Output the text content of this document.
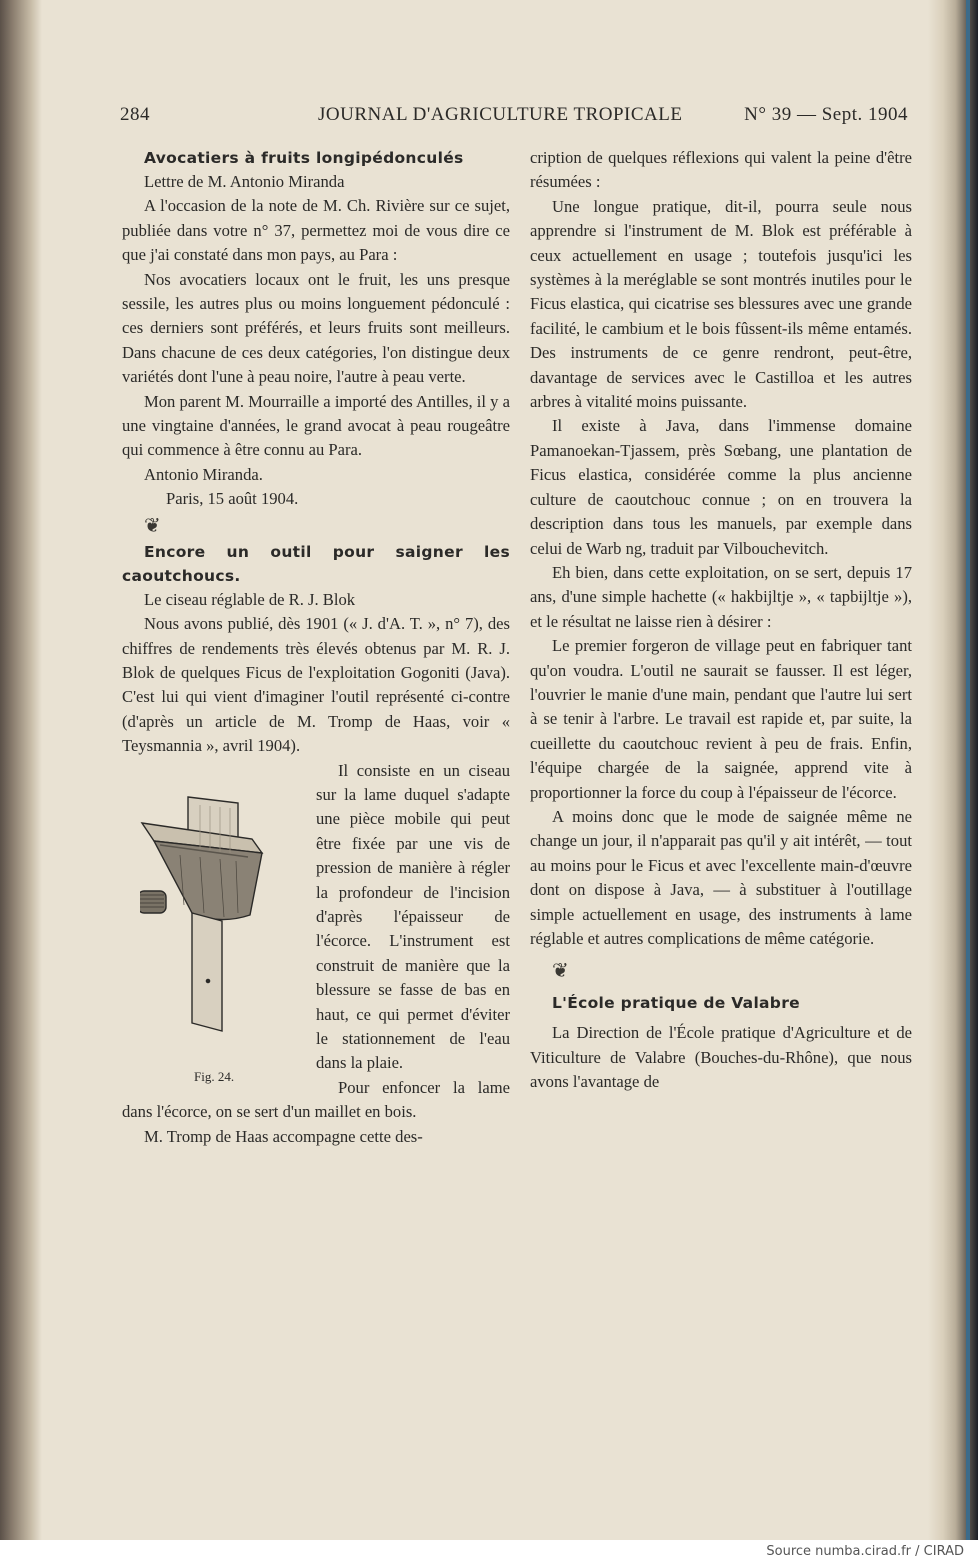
284	JOURNAL D'AGRICULTURE TROPICALE	N° 39 — Sept. 1904

Avocatiers à fruits longipédonculés

Lettre de M. Antonio Miranda

A l'occasion de la note de M. Ch. Rivière sur ce sujet, publiée dans votre n° 37, permettez moi de vous dire ce que j'ai constaté dans mon pays, au Para :

Nos avocatiers locaux ont le fruit, les uns presque sessile, les autres plus ou moins longuement pédonculé : ces derniers sont préférés, et leurs fruits sont meilleurs. Dans chacune de ces deux catégories, l'on distingue deux variétés dont l'une à peau noire, l'autre à peau verte.

Mon parent M. Mourraille a importé des Antilles, il y a une vingtaine d'années, le grand avocat à peau rougeâtre qui commence à être connu au Para.

Antonio Miranda.

Paris, 15 août 1904.

❦

Encore un outil pour saigner les caoutchoucs.

Le ciseau réglable de R. J. Blok

Nous avons publié, dès 1901 (« J. d'A. T. », n° 7), des chiffres de rendements très élevés obtenus par M. R. J. Blok de quelques Ficus de l'exploitation Gogoniti (Java). C'est lui qui vient d'imaginer l'outil représenté ci-contre (d'après un article de M. Tromp de Haas, voir « Teysmannia », avril 1904).

Fig. 24.

Il consiste en un ciseau sur la lame duquel s'adapte une pièce mobile qui peut être fixée par une vis de pression de manière à régler la profondeur de l'incision d'après l'épaisseur de l'écorce. L'instrument est construit de manière que la blessure se fasse de bas en haut, ce qui permet d'éviter le stationnement de l'eau dans la plaie.

Pour enfoncer la lame dans l'écorce, on se sert d'un maillet en bois.

M. Tromp de Haas accompagne cette des-

cription de quelques réflexions qui valent la peine d'être résumées :

Une longue pratique, dit-il, pourra seule nous apprendre si l'instrument de M. Blok est préférable à ceux actuellement en usage ; toutefois jusqu'ici les systèmes à la meréglable se sont montrés inutiles pour le Ficus elastica, qui cicatrise ses blessures avec une grande facilité, le cambium et le bois fûssent-ils même entamés. Des instruments de ce genre rendront, peut-être, davantage de services avec le Castilloa et les autres arbres à vitalité moins puissante.

Il existe à Java, dans l'immense domaine Pamanoekan-Tjassem, près Sœbang, une plantation de Ficus elastica, considérée comme la plus ancienne culture de caoutchouc connue ; on en trouvera la description dans tous les manuels, par exemple dans celui de Warb ng, traduit par Vilbouchevitch.

Eh bien, dans cette exploitation, on se sert, depuis 17 ans, d'une simple hachette (« hakbijltje », « tapbijltje »), et le résultat ne laisse rien à désirer :

Le premier forgeron de village peut en fabriquer tant qu'on voudra. L'outil ne saurait se fausser. Il est léger, l'ouvrier le manie d'une main, pendant que l'autre lui sert à se tenir à l'arbre. Le travail est rapide et, par suite, la cueillette du caoutchouc revient à peu de frais. Enfin, l'équipe chargée de la saignée, apprend vite à proportionner la force du coup à l'épaisseur de l'écorce.

A moins donc que le mode de saignée même ne change un jour, il n'apparait pas qu'il y ait intérêt, — tout au moins pour le Ficus et avec l'excellente main-d'œuvre dont on dispose à Java, — à substituer à l'outillage simple actuellement en usage, des instruments à lame réglable et autres complications de même catégorie.

❦

L'École pratique de Valabre

La Direction de l'École pratique d'Agriculture et de Viticulture de Valabre (Bouches-du-Rhône), que nous avons l'avantage de

Source numba.cirad.fr / CIRAD
